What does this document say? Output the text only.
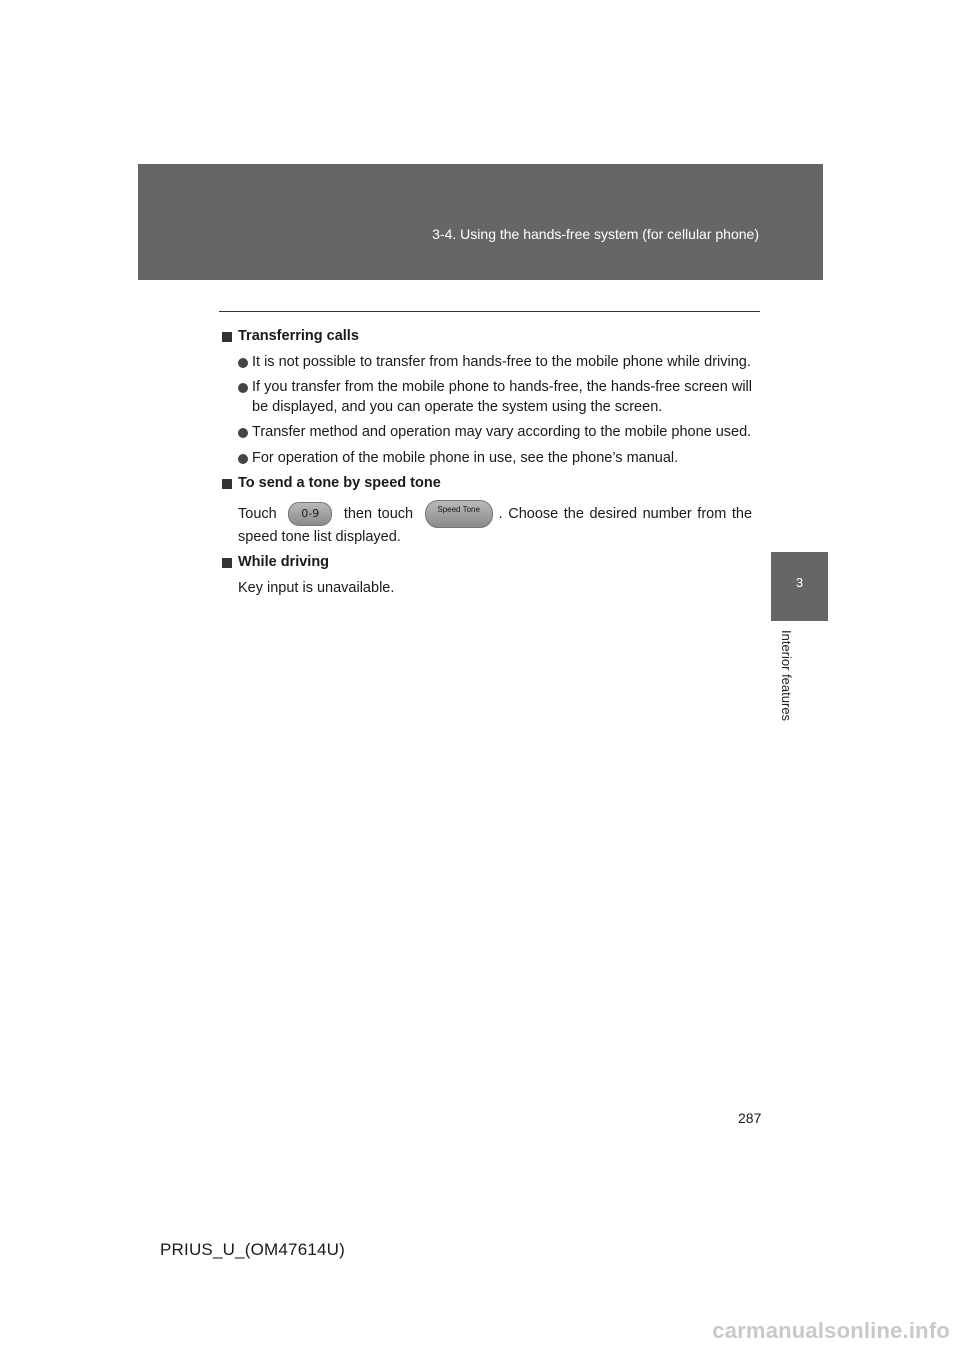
3-4. Using the hands-free system (for cellular phone)
3
Interior features

Transferring calls

It is not possible to transfer from hands-free to the mobile phone while driving.

If you transfer from the mobile phone to hands-free, the hands-free screen will be displayed, and you can operate the system using the screen.

Transfer method and operation may vary according to the mobile phone used.

For operation of the mobile phone in use, see the phone’s manual.

To send a tone by speed tone

Touch 0-9 then touch	Speed Tone	. Choose the desired number from the speed tone list displayed.

While driving

Key input is unavailable.

287
PRIUS_U_(OM47614U)
carmanualsonline.info
